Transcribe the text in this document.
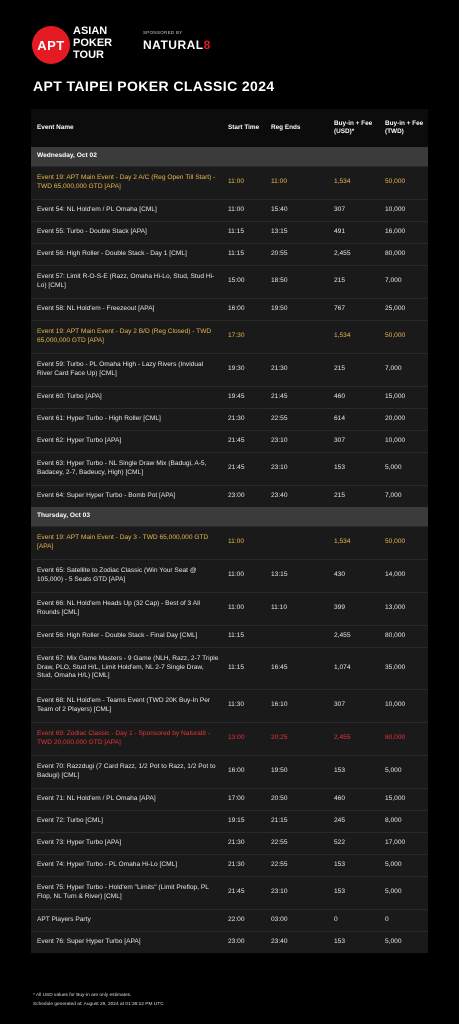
APT
ASIAN
POKER
TOUR
SPONSORED BY
NATURAL8
APT TAIPEI POKER CLASSIC 2024
Event Name	Start Time	Reg Ends	Buy-in + Fee (USD)*	Buy-in + Fee (TWD)
Wednesday, Oct 02				
Event 19: APT Main Event - Day 2 A/C (Reg Open Till Start) - TWD 65,000,000 GTD [APA]	11:00	11:00	1,534	50,000
Event 54: NL Hold'em / PL Omaha [CML]	11:00	15:40	307	10,000
Event 55: Turbo - Double Stack [APA]	11:15	13:15	491	16,000
Event 56: High Roller - Double Stack - Day 1 [CML]	11:15	20:55	2,455	80,000
Event 57: Limit R-O-S-E (Razz, Omaha Hi-Lo, Stud, Stud Hi-Lo) [CML]	15:00	18:50	215	7,000
Event 58: NL Hold'em - Freezeout [APA]	16:00	19:50	767	25,000
Event 19: APT Main Event - Day 2 B/D (Reg Closed) - TWD 65,000,000 GTD [APA]	17:30		1,534	50,000
Event 59: Turbo - PL Omaha High - Lazy Rivers (Invidual River Card Face Up) [CML]	19:30	21:30	215	7,000
Event 60: Turbo [APA]	19:45	21:45	460	15,000
Event 61: Hyper Turbo - High Roller [CML]	21:30	22:55	614	20,000
Event 62: Hyper Turbo [APA]	21:45	23:10	307	10,000
Event 63: Hyper Turbo - NL Single Draw Mix (Badugi, A-5, Badacey, 2-7, Badeucy, High) [CML]	21:45	23:10	153	5,000
Event 64: Super Hyper Turbo - Bomb Pot [APA]	23:00	23:40	215	7,000
Thursday, Oct 03				
Event 19: APT Main Event - Day 3 - TWD 65,000,000 GTD [APA]	11:00		1,534	50,000
Event 65: Satellite to Zodiac Classic (Win Your Seat @ 105,000) - 5 Seats GTD [APA]	11:00	13:15	430	14,000
Event 66: NL Hold'em Heads Up (32 Cap) - Best of 3 All Rounds [CML]	11:00	11:10	399	13,000
Event 56: High Roller - Double Stack - Final Day [CML]	11:15		2,455	80,000
Event 67: Mix Game Masters - 9 Game (NLH, Razz, 2-7 Triple Draw, PLO, Stud H/L, Limit Hold'em, NL 2-7 Single Draw, Stud, Omaha H/L) [CML]	11:15	16:45	1,074	35,000
Event 68: NL Hold'em - Teams Event (TWD 20K Buy-In Per Team of 2 Players) [CML]	11:30	16:10	307	10,000
Event 69: Zodiac Classic - Day 1 - Sponsored by Natural8 - TWD 20,000,000 GTD [APA]	13:00	20:25	2,455	80,000
Event 70: Razzdugi (7 Card Razz, 1/2 Pot to Razz, 1/2 Pot to Badugi) [CML]	16:00	19:50	153	5,000
Event 71: NL Hold'em / PL Omaha [APA]	17:00	20:50	460	15,000
Event 72: Turbo [CML]	19:15	21:15	245	8,000
Event 73: Hyper Turbo [APA]	21:30	22:55	522	17,000
Event 74: Hyper Turbo - PL Omaha Hi-Lo [CML]	21:30	22:55	153	5,000
Event 75: Hyper Turbo - Hold'em "Limits" (Limit Preflop, PL Flop, NL Turn & River) [CML]	21:45	23:10	153	5,000
APT Players Party	22:00	03:00	0	0
Event 76: Super Hyper Turbo [APA]	23:00	23:40	153	5,000
* All USD values for Buy-in are only estimates.
Schedule generated at: August 29, 2024 at 01:36:12 PM UTC
